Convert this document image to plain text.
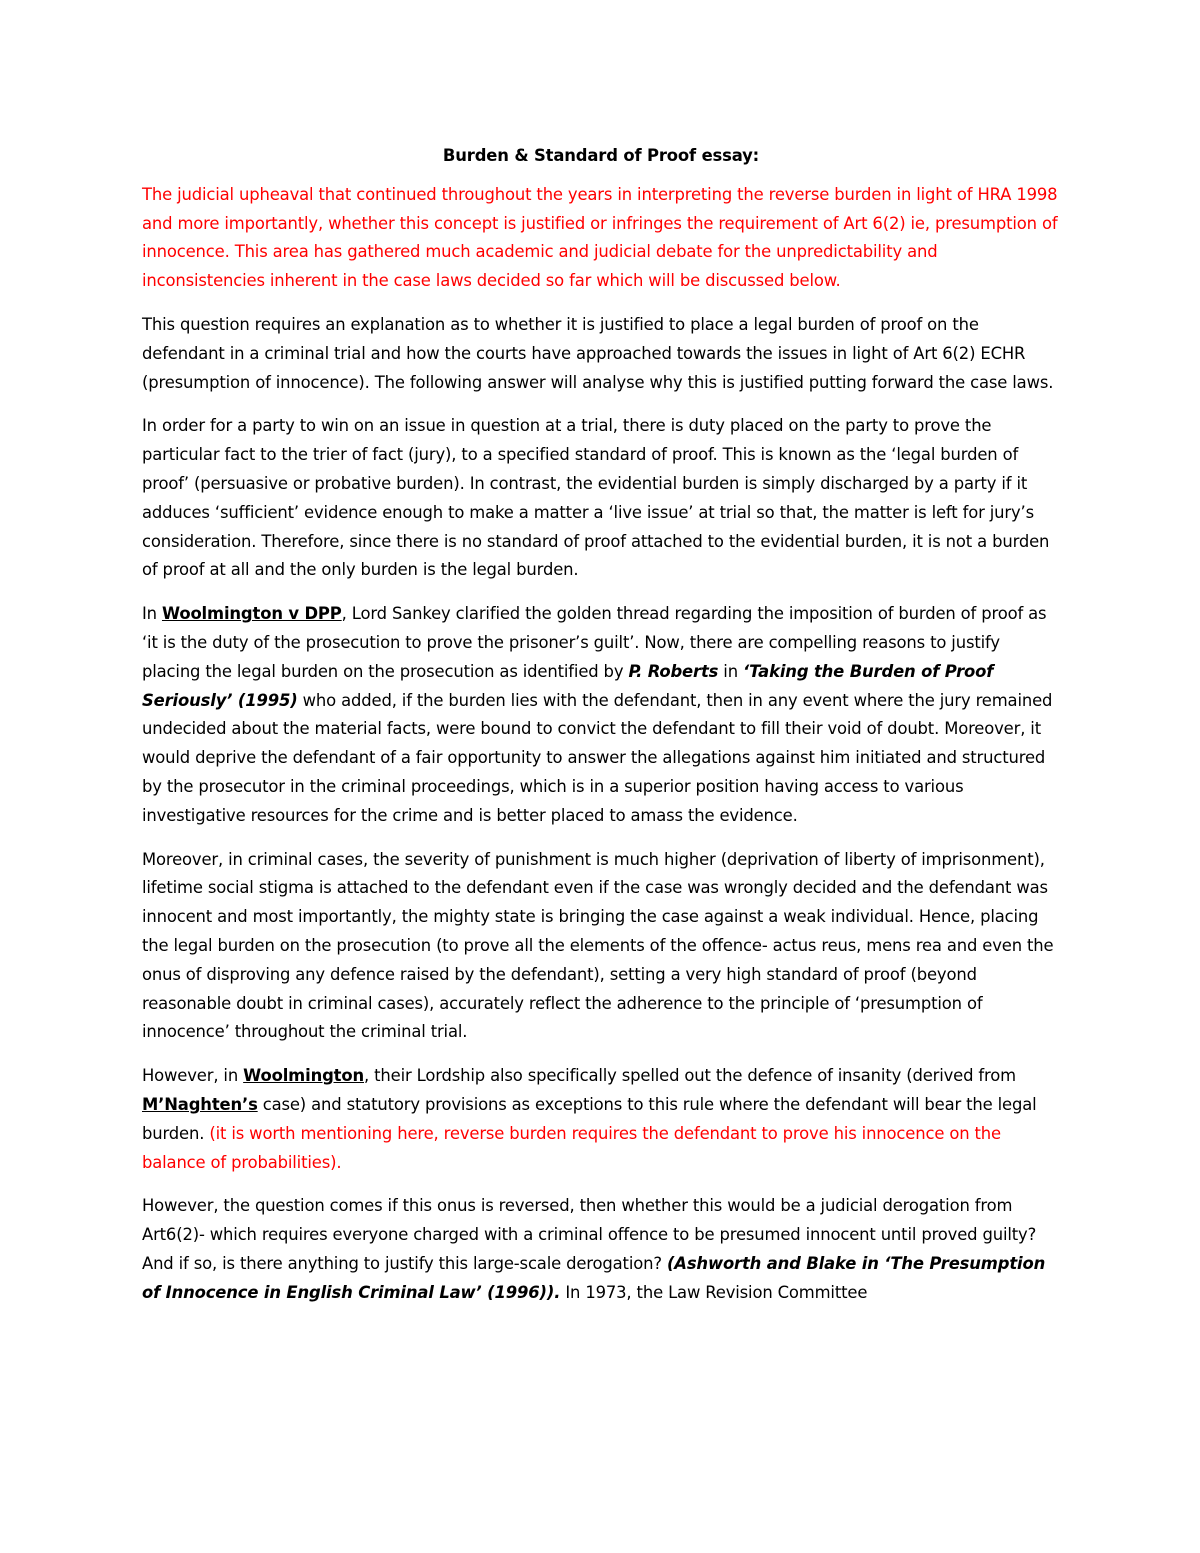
Burden & Standard of Proof essay:

The judicial upheaval that continued throughout the years in interpreting the reverse burden in light of HRA 1998 and more importantly, whether this concept is justified or infringes the requirement of Art 6(2) ie, presumption of innocence. This area has gathered much academic and judicial debate for the unpredictability and inconsistencies inherent in the case laws decided so far which will be discussed below.

This question requires an explanation as to whether it is justified to place a legal burden of proof on the defendant in a criminal trial and how the courts have approached towards the issues in light of Art 6(2) ECHR (presumption of innocence). The following answer will analyse why this is justified putting forward the case laws.

In order for a party to win on an issue in question at a trial, there is duty placed on the party to prove the particular fact to the trier of fact (jury), to a specified standard of proof. This is known as the ‘legal burden of proof’ (persuasive or probative burden). In contrast, the evidential burden is simply discharged by a party if it adduces ‘sufficient’ evidence enough to make a matter a ‘live issue’ at trial so that, the matter is left for jury’s consideration. Therefore, since there is no standard of proof attached to the evidential burden, it is not a burden of proof at all and the only burden is the legal burden.

In Woolmington v DPP, Lord Sankey clarified the golden thread regarding the imposition of burden of proof as ‘it is the duty of the prosecution to prove the prisoner’s guilt’. Now, there are compelling reasons to justify placing the legal burden on the prosecution as identified by P. Roberts in ‘Taking the Burden of Proof Seriously’ (1995) who added, if the burden lies with the defendant, then in any event where the jury remained undecided about the material facts, were bound to convict the defendant to fill their void of doubt. Moreover, it would deprive the defendant of a fair opportunity to answer the allegations against him initiated and structured by the prosecutor in the criminal proceedings, which is in a superior position having access to various investigative resources for the crime and is better placed to amass the evidence.

Moreover, in criminal cases, the severity of punishment is much higher (deprivation of liberty of imprisonment), lifetime social stigma is attached to the defendant even if the case was wrongly decided and the defendant was innocent and most importantly, the mighty state is bringing the case against a weak individual. Hence, placing the legal burden on the prosecution (to prove all the elements of the offence- actus reus, mens rea and even the onus of disproving any defence raised by the defendant), setting a very high standard of proof (beyond reasonable doubt in criminal cases), accurately reflect the adherence to the principle of ‘presumption of innocence’ throughout the criminal trial.

However, in Woolmington, their Lordship also specifically spelled out the defence of insanity (derived from M’Naghten’s case) and statutory provisions as exceptions to this rule where the defendant will bear the legal burden. (it is worth mentioning here, reverse burden requires the defendant to prove his innocence on the balance of probabilities).

However, the question comes if this onus is reversed, then whether this would be a judicial derogation from Art6(2)- which requires everyone charged with a criminal offence to be presumed innocent until proved guilty? And if so, is there anything to justify this large-scale derogation? (Ashworth and Blake in ‘The Presumption of Innocence in English Criminal Law’ (1996)). In 1973, the Law Revision Committee
